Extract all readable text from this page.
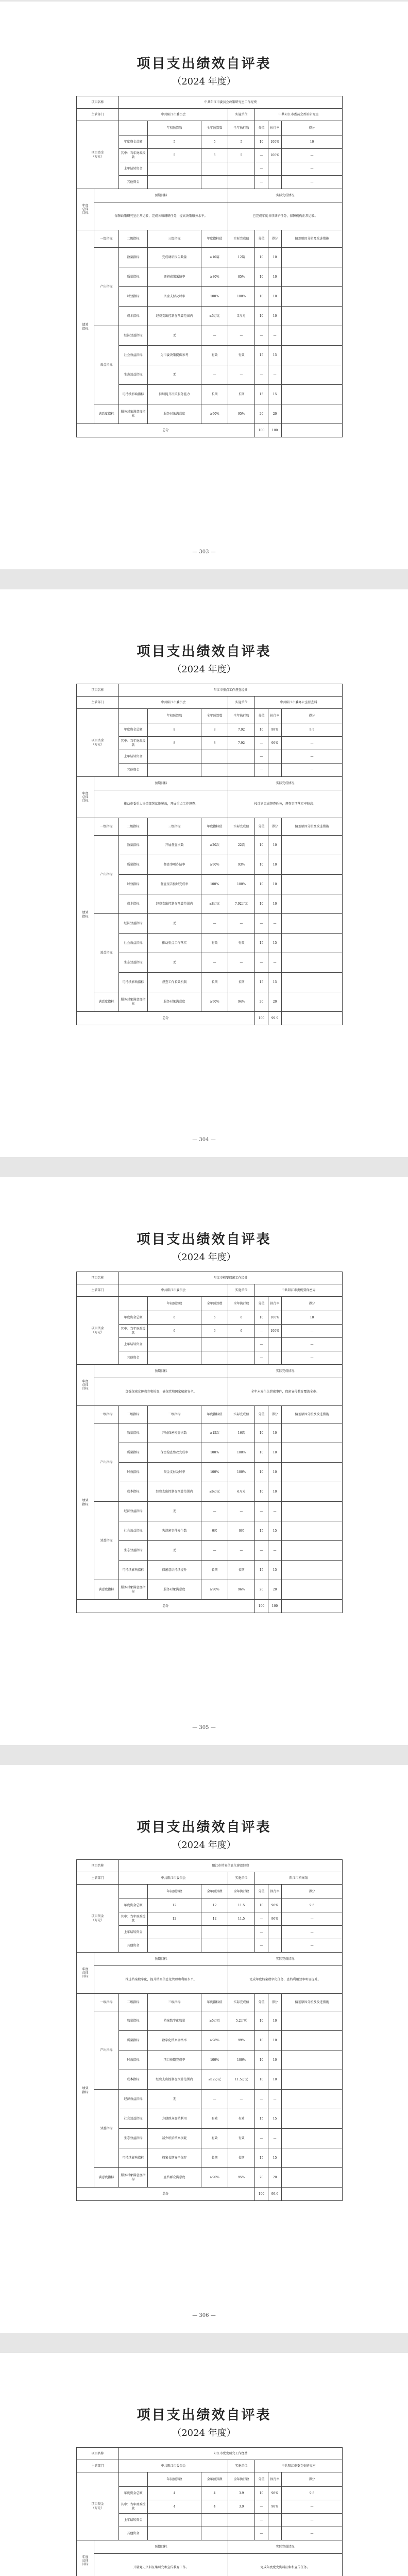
项目支出绩效自评表
（2024 年度）
项目名称		中共阳江市委员会政策研究室工作经费						
主管部门		中共阳江市委员会			实施单位	中共阳江市委员会政策研究室		
项目资金
（万元）			年初预算数	全年预算数	全年执行数	分值	执行率	得分
		年度资金总额	5	5	5	10	100%	10
		其中：当年财政拨款	5	5	5	—	100%	—
		上年结转资金				—		—
		其他资金				—		—
年度
总体
目标	预期目标				实际完成情况			
	保障政策研究室正常运转，完成各项调研任务，提高决策服务水平。				已完成年度各项调研任务，保障机构正常运转。			
绩效
指标	一级指标	二级指标	三级指标	年度指标值	实际完成值	分值	得分	偏差原因分析及改进措施
	产出指标	数量指标	完成调研报告数量	≥10篇	12篇	10	10	
		质量指标	调研成果采纳率	≥80%	85%	10	10	
		时效指标	资金支付及时率	100%	100%	10	10	
		成本指标	经费支出控制在预算范围内	≤5万元	5万元	10	10	
	效益指标	经济效益指标	无	—	—	—	—	
		社会效益指标	为市委决策提供参考	有效	有效	15	15	
		生态效益指标	无	—	—	—	—	
		可持续影响指标	持续提升决策服务能力	长期	长期	15	15	
	满意度指标	服务对象满意度指标	服务对象满意度	≥90%	95%	20	20	
总分						100	100	
— 303 —
项目支出绩效自评表
（2024 年度）
项目名称		阳江市重点工作督查经费						
主管部门		中共阳江市委员会			实施单位	中共阳江市委办公室督查科		
项目资金
（万元）			年初预算数	全年预算数	全年执行数	分值	执行率	得分
		年度资金总额	8	8	7.92	10	99%	9.9
		其中：当年财政拨款	8	8	7.92	—	99%	—
		上年结转资金				—		—
		其他资金				—		—
年度
总体
目标	预期目标				实际完成情况			
	推动市委重大决策部署落地见效，开展重点工作督查。				按计划完成督查任务，督查事项落实率较高。			
绩效
指标	一级指标	二级指标	三级指标	年度指标值	实际完成值	分值	得分	偏差原因分析及改进措施
	产出指标	数量指标	开展督查次数	≥20次	22次	10	10	
		质量指标	督查事项办结率	≥90%	93%	10	10	
		时效指标	督查报告按时完成率	100%	100%	10	10	
		成本指标	经费支出控制在预算范围内	≤8万元	7.92万元	10	10	
	效益指标	经济效益指标	无	—	—	—	—	
		社会效益指标	推动重点工作落实	有效	有效	15	15	
		生态效益指标	无	—	—	—	—	
		可持续影响指标	督查工作长效机制	长期	长期	15	15	
	满意度指标	服务对象满意度指标	服务对象满意度	≥90%	94%	20	20	
总分						100	99.9	
— 304 —
项目支出绩效自评表
（2024 年度）
项目名称		阳江市机要保密工作经费						
主管部门		中共阳江市委员会			实施单位	中共阳江市委机要保密局		
项目资金
（万元）			年初预算数	全年预算数	全年执行数	分值	执行率	得分
		年度资金总额	6	6	6	10	100%	10
		其中：当年财政拨款	6	6	6	—	100%	—
		上年结转资金				—		—
		其他资金				—		—
年度
总体
目标	预期目标				实际完成情况			
	加强保密宣传教育和检查，确保党和国家秘密安全。				全年未发生失泄密事件，保密宣传教育覆盖全市。			
绩效
指标	一级指标	二级指标	三级指标	年度指标值	实际完成值	分值	得分	偏差原因分析及改进措施
	产出指标	数量指标	开展保密检查次数	≥15次	16次	10	10	
		质量指标	保密检查整改完成率	100%	100%	10	10	
		时效指标	资金支付及时率	100%	100%	10	10	
		成本指标	经费支出控制在预算范围内	≤6万元	6万元	10	10	
	效益指标	经济效益指标	无	—	—	—	—	
		社会效益指标	失泄密事件发生数	0起	0起	15	15	
		生态效益指标	无	—	—	—	—	
		可持续影响指标	保密意识持续提升	长期	长期	15	15	
	满意度指标	服务对象满意度指标	服务对象满意度	≥90%	96%	20	20	
总分						100	100	
— 305 —
项目支出绩效自评表
（2024 年度）
项目名称		阳江市档案信息化建设经费						
主管部门		中共阳江市委员会			实施单位	阳江市档案馆		
项目资金
（万元）			年初预算数	全年预算数	全年执行数	分值	执行率	得分
		年度资金总额	12	12	11.5	10	96%	9.6
		其中：当年财政拨款	12	12	11.5	—	96%	—
		上年结转资金				—		—
		其他资金				—		—
年度
总体
目标	预期目标				实际完成情况			
	推进档案数字化，提升档案信息化管理和利用水平。				完成年度档案数字化任务，查档利用效率明显提升。			
绩效
指标	一级指标	二级指标	三级指标	年度指标值	实际完成值	分值	得分	偏差原因分析及改进措施
	产出指标	数量指标	档案数字化数量	≥5万页	5.2万页	10	10	
		质量指标	数字化档案合格率	≥98%	99%	10	10	
		时效指标	项目按期完成率	100%	100%	10	10	
		成本指标	经费支出控制在预算范围内	≤12万元	11.5万元	10	10	
	效益指标	经济效益指标	无	—	—	—	—	
		社会效益指标	方便群众查档利用	有效	有效	15	15	
		生态效益指标	减少纸质档案损耗	有效	有效	—	—	
		可持续影响指标	档案长期安全保存	长期	长期	15	15	
	满意度指标	服务对象满意度指标	查档群众满意度	≥90%	95%	20	20	
总分						100	99.6	
— 306 —
项目支出绩效自评表
（2024 年度）
项目名称		阳江市党史研究工作经费						
主管部门		中共阳江市委员会			实施单位	中共阳江市委党史研究室		
项目资金
（万元）			年初预算数	全年预算数	全年执行数	分值	执行率	得分
		年度资金总额	4	4	3.9	10	98%	9.8
		其中：当年财政拨款	4	4	3.9	—	98%	—
		上年结转资金				—		—
		其他资金				—		—
年度
总体
目标	预期目标				实际完成情况			
	开展党史资料征集研究和宣传教育工作。				完成年度党史资料征集和宣传任务。			
